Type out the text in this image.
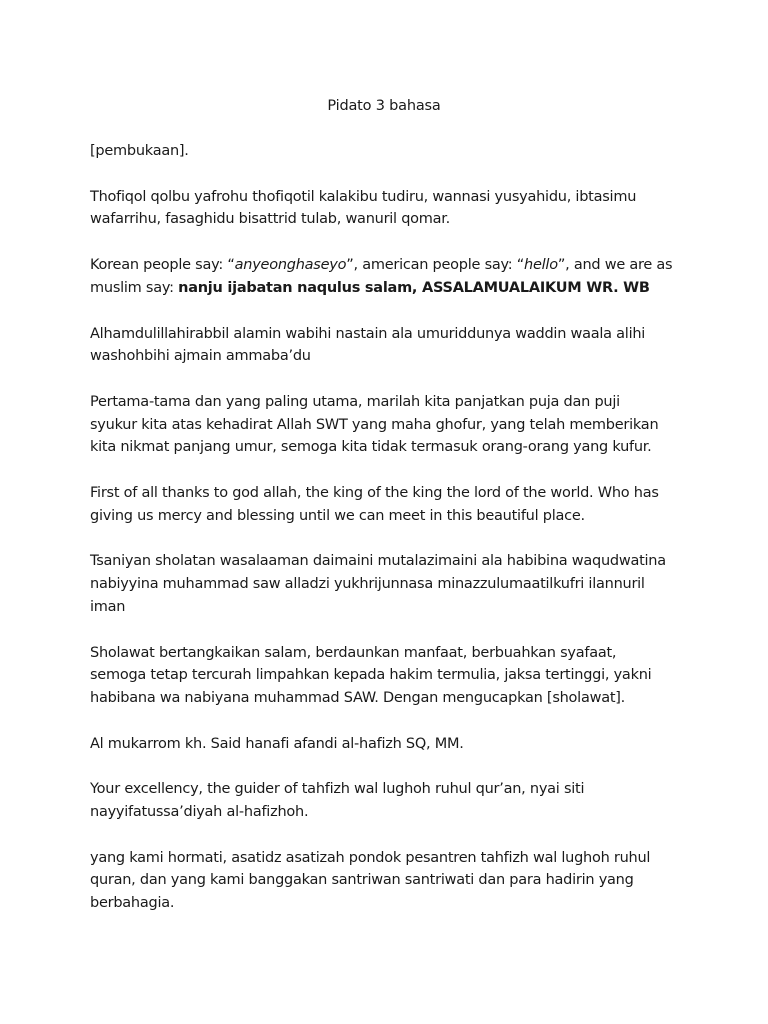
Pidato 3 bahasa

[pembukaan].

Thofiqol qolbu yafrohu thofiqotil kalakibu tudiru, wannasi yusyahidu, ibtasimu
wafarrihu, fasaghidu bisattrid tulab, wanuril qomar.

Korean people say: “anyeonghaseyo”, american people say: “hello”, and we are as
muslim say: nanju ijabatan naqulus salam, ASSALAMUALAIKUM WR. WB

Alhamdulillahirabbil alamin wabihi nastain ala umuriddunya waddin waala alihi
washohbihi ajmain ammaba’du

Pertama-tama dan yang paling utama, marilah kita panjatkan puja dan puji
syukur kita atas kehadirat Allah SWT yang maha ghofur, yang telah memberikan
kita nikmat panjang umur, semoga kita tidak termasuk orang-orang yang kufur.

First of all thanks to god allah, the king of the king the lord of the world. Who has
giving us mercy and blessing until we can meet in this beautiful place.

Tsaniyan sholatan wasalaaman daimaini mutalazimaini ala habibina waqudwatina
nabiyyina muhammad saw alladzi yukhrijunnasa minazzulumaatilkufri ilannuril
iman

Sholawat bertangkaikan salam, berdaunkan manfaat, berbuahkan syafaat,
semoga tetap tercurah limpahkan kepada hakim termulia, jaksa tertinggi, yakni
habibana wa nabiyana muhammad SAW. Dengan mengucapkan [sholawat].

Al mukarrom kh. Said hanafi afandi al-hafizh SQ, MM.

Your excellency, the guider of tahfizh wal lughoh ruhul qur’an, nyai siti
nayyifatussa’diyah al-hafizhoh.

yang kami hormati, asatidz asatizah pondok pesantren tahfizh wal lughoh ruhul
quran, dan yang kami banggakan santriwan santriwati dan para hadirin yang
berbahagia.
